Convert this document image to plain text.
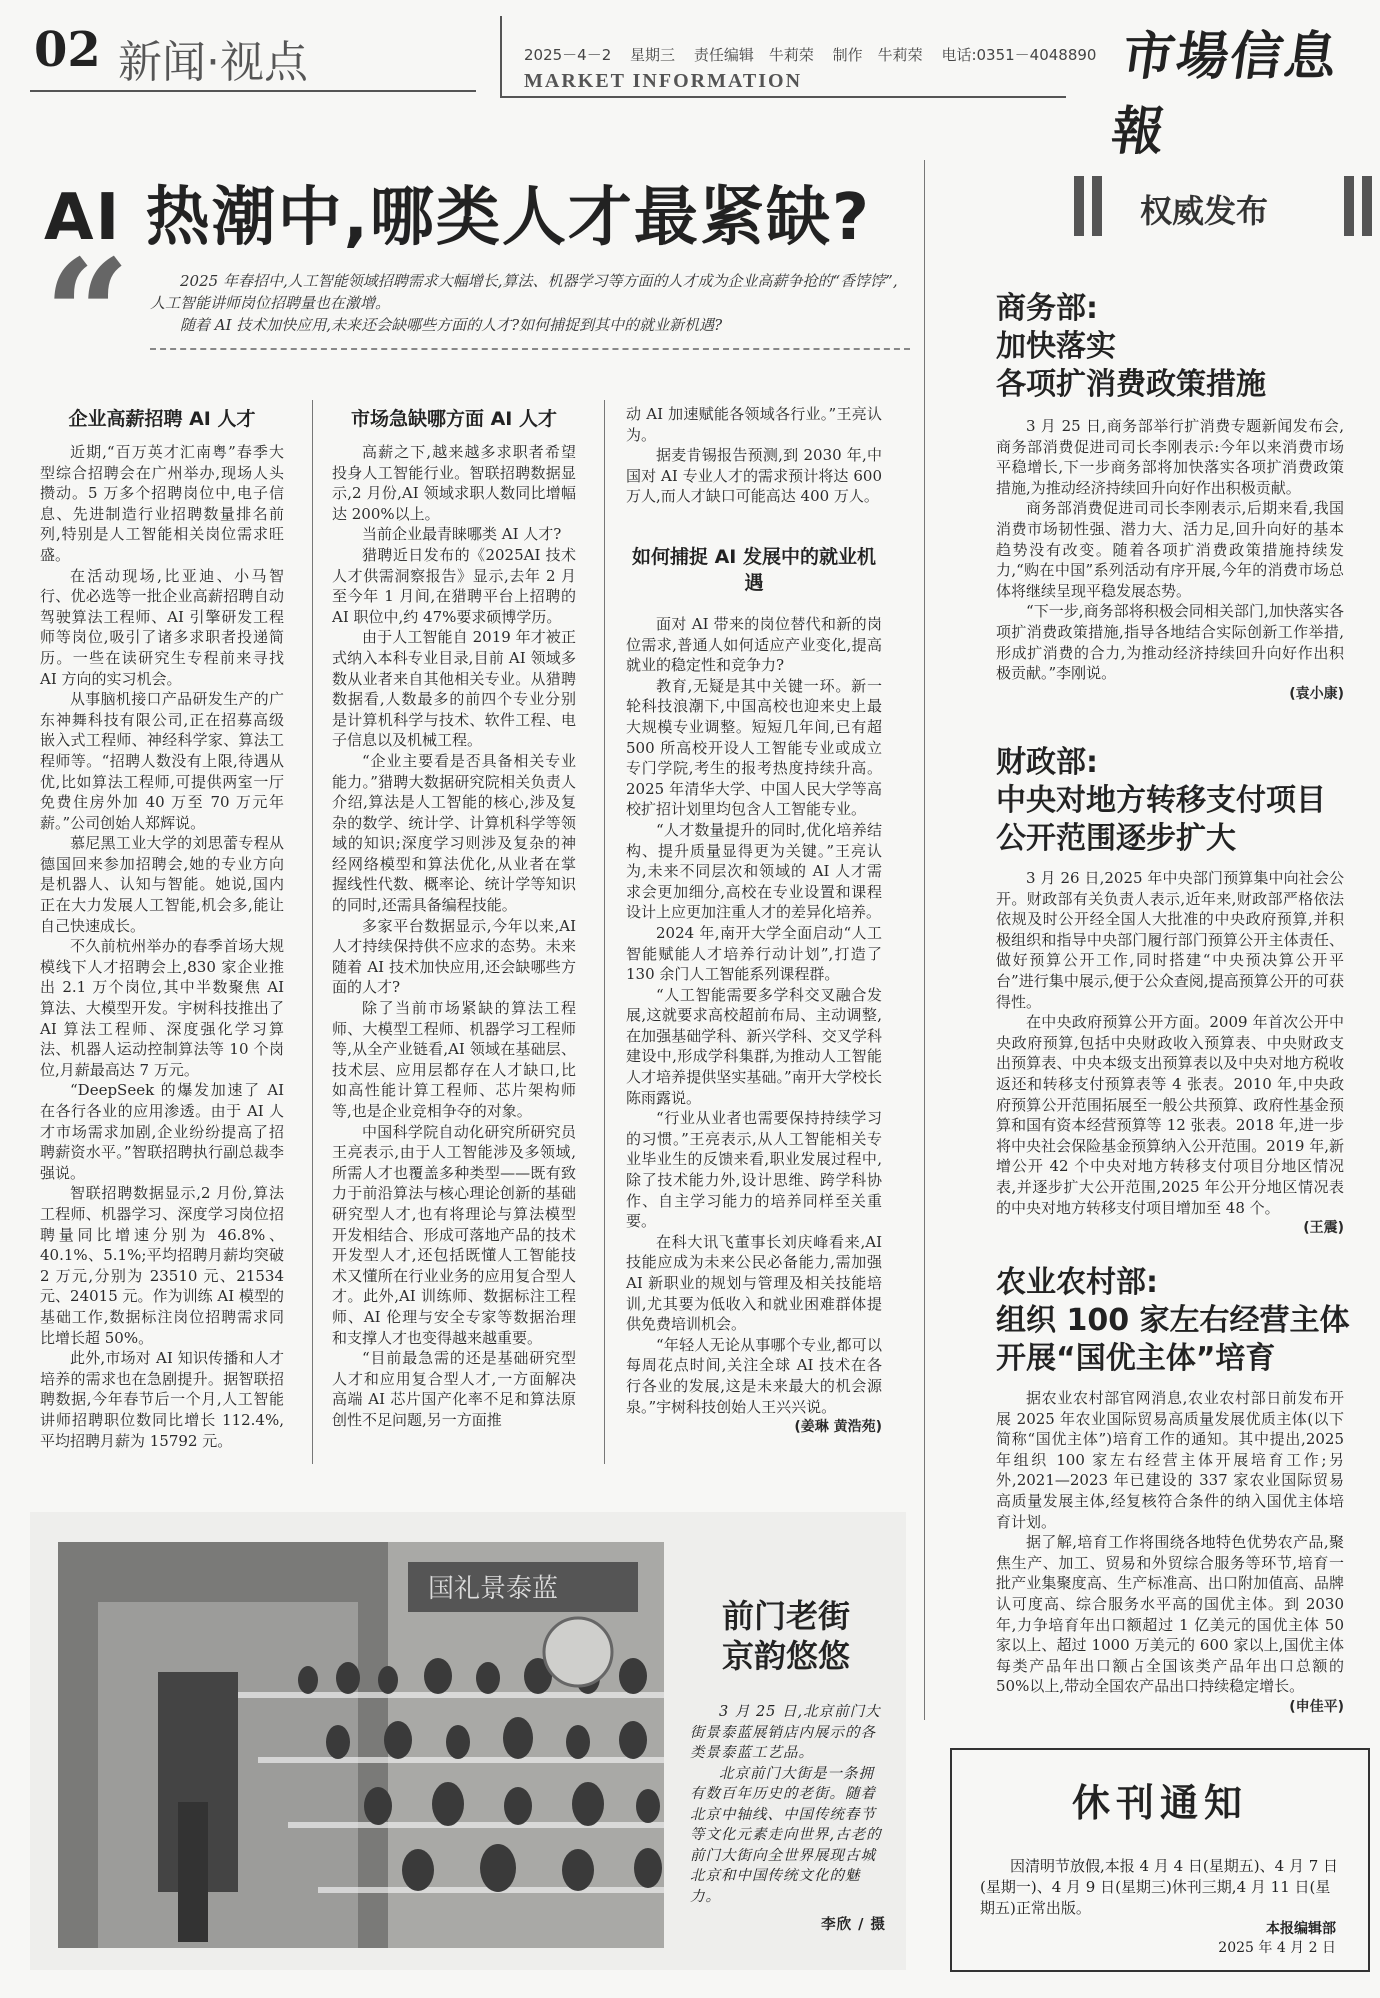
02 新闻·视点	2025－4－2 星期三 责任编辑　牛莉荣 制作　牛莉荣 电话:0351－4048890
MARKET INFORMATION	市場信息報
AI 热潮中,哪类人才最紧缺?
“	2025 年春招中,人工智能领域招聘需求大幅增长,算法、机器学习等方面的人才成为企业高薪争抢的“香饽饽”,人工智能讲师岗位招聘量也在激增。

随着 AI 技术加快应用,未来还会缺哪些方面的人才?如何捕捉到其中的就业新机遇?

企业高薪招聘 AI 人才

近期,“百万英才汇南粤”春季大型综合招聘会在广州举办,现场人头攒动。5 万多个招聘岗位中,电子信息、先进制造行业招聘数量排名前列,特别是人工智能相关岗位需求旺盛。

在活动现场,比亚迪、小马智行、优必选等一批企业高薪招聘自动驾驶算法工程师、AI 引擎研发工程师等岗位,吸引了诸多求职者投递简历。一些在读研究生专程前来寻找 AI 方向的实习机会。

从事脑机接口产品研发生产的广东神舞科技有限公司,正在招募高级嵌入式工程师、神经科学家、算法工程师等。“招聘人数没有上限,待遇从优,比如算法工程师,可提供两室一厅免费住房外加 40 万至 70 万元年薪。”公司创始人郑辉说。

慕尼黑工业大学的刘思蕾专程从德国回来参加招聘会,她的专业方向是机器人、认知与智能。她说,国内正在大力发展人工智能,机会多,能让自己快速成长。

不久前杭州举办的春季首场大规模线下人才招聘会上,830 家企业推出 2.1 万个岗位,其中半数聚焦 AI 算法、大模型开发。宇树科技推出了 AI 算法工程师、深度强化学习算法、机器人运动控制算法等 10 个岗位,月薪最高达 7 万元。

“DeepSeek 的爆发加速了 AI 在各行各业的应用渗透。由于 AI 人才市场需求加剧,企业纷纷提高了招聘薪资水平。”智联招聘执行副总裁李强说。

智联招聘数据显示,2 月份,算法工程师、机器学习、深度学习岗位招聘量同比增速分别为 46.8%、40.1%、5.1%;平均招聘月薪均突破 2 万元,分别为 23510 元、21534 元、24015 元。作为训练 AI 模型的基础工作,数据标注岗位招聘需求同比增长超 50%。

此外,市场对 AI 知识传播和人才培养的需求也在急剧提升。据智联招聘数据,今年春节后一个月,人工智能讲师招聘职位数同比增长 112.4%,平均招聘月薪为 15792 元。

市场急缺哪方面 AI 人才

高薪之下,越来越多求职者希望投身人工智能行业。智联招聘数据显示,2 月份,AI 领域求职人数同比增幅达 200%以上。

当前企业最青睐哪类 AI 人才?

猎聘近日发布的《2025AI 技术人才供需洞察报告》显示,去年 2 月至今年 1 月间,在猎聘平台上招聘的 AI 职位中,约 47%要求硕博学历。

由于人工智能自 2019 年才被正式纳入本科专业目录,目前 AI 领域多数从业者来自其他相关专业。从猎聘数据看,人数最多的前四个专业分别是计算机科学与技术、软件工程、电子信息以及机械工程。

“企业主要看是否具备相关专业能力。”猎聘大数据研究院相关负责人介绍,算法是人工智能的核心,涉及复杂的数学、统计学、计算机科学等领域的知识;深度学习则涉及复杂的神经网络模型和算法优化,从业者在掌握线性代数、概率论、统计学等知识的同时,还需具备编程技能。

多家平台数据显示,今年以来,AI 人才持续保持供不应求的态势。未来随着 AI 技术加快应用,还会缺哪些方面的人才?

除了当前市场紧缺的算法工程师、大模型工程师、机器学习工程师等,从全产业链看,AI 领域在基础层、技术层、应用层都存在人才缺口,比如高性能计算工程师、芯片架构师等,也是企业竞相争夺的对象。

中国科学院自动化研究所研究员王亮表示,由于人工智能涉及多领域,所需人才也覆盖多种类型——既有致力于前沿算法与核心理论创新的基础研究型人才,也有将理论与算法模型开发相结合、形成可落地产品的技术开发型人才,还包括既懂人工智能技术又懂所在行业业务的应用复合型人才。此外,AI 训练师、数据标注工程师、AI 伦理与安全专家等数据治理和支撑人才也变得越来越重要。

“目前最急需的还是基础研究型人才和应用复合型人才,一方面解决高端 AI 芯片国产化率不足和算法原创性不足问题,另一方面推

动 AI 加速赋能各领域各行业。”王亮认为。

据麦肯锡报告预测,到 2030 年,中国对 AI 专业人才的需求预计将达 600 万人,而人才缺口可能高达 400 万人。

如何捕捉 AI 发展中的就业机遇

面对 AI 带来的岗位替代和新的岗位需求,普通人如何适应产业变化,提高就业的稳定性和竞争力?

教育,无疑是其中关键一环。新一轮科技浪潮下,中国高校也迎来史上最大规模专业调整。短短几年间,已有超 500 所高校开设人工智能专业或成立专门学院,考生的报考热度持续升高。2025 年清华大学、中国人民大学等高校扩招计划里均包含人工智能专业。

“人才数量提升的同时,优化培养结构、提升质量显得更为关键。”王亮认为,未来不同层次和领域的 AI 人才需求会更加细分,高校在专业设置和课程设计上应更加注重人才的差异化培养。

2024 年,南开大学全面启动“人工智能赋能人才培养行动计划”,打造了 130 余门人工智能系列课程群。

“人工智能需要多学科交叉融合发展,这就要求高校超前布局、主动调整,在加强基础学科、新兴学科、交叉学科建设中,形成学科集群,为推动人工智能人才培养提供坚实基础。”南开大学校长陈雨露说。

“行业从业者也需要保持持续学习的习惯。”王亮表示,从人工智能相关专业毕业生的反馈来看,职业发展过程中,除了技术能力外,设计思维、跨学科协作、自主学习能力的培养同样至关重要。

在科大讯飞董事长刘庆峰看来,AI 技能应成为未来公民必备能力,需加强 AI 新职业的规划与管理及相关技能培训,尤其要为低收入和就业困难群体提供免费培训机会。

“年轻人无论从事哪个专业,都可以每周花点时间,关注全球 AI 技术在各行各业的发展,这是未来最大的机会源泉。”宇树科技创始人王兴兴说。

(姜琳 黄浩苑)
权威发布
商务部:
加快落实
各项扩消费政策措施

3 月 25 日,商务部举行扩消费专题新闻发布会,商务部消费促进司司长李刚表示:今年以来消费市场平稳增长,下一步商务部将加快落实各项扩消费政策措施,为推动经济持续回升向好作出积极贡献。

商务部消费促进司司长李刚表示,后期来看,我国消费市场韧性强、潜力大、活力足,回升向好的基本趋势没有改变。随着各项扩消费政策措施持续发力,“购在中国”系列活动有序开展,今年的消费市场总体将继续呈现平稳发展态势。

“下一步,商务部将积极会同相关部门,加快落实各项扩消费政策措施,指导各地结合实际创新工作举措,形成扩消费的合力,为推动经济持续回升向好作出积极贡献。”李刚说。

(袁小康)
财政部:
中央对地方转移支付项目
公开范围逐步扩大

3 月 26 日,2025 年中央部门预算集中向社会公开。财政部有关负责人表示,近年来,财政部严格依法依规及时公开经全国人大批准的中央政府预算,并积极组织和指导中央部门履行部门预算公开主体责任、做好预算公开工作,同时搭建“中央预决算公开平台”进行集中展示,便于公众查阅,提高预算公开的可获得性。

在中央政府预算公开方面。2009 年首次公开中央政府预算,包括中央财政收入预算表、中央财政支出预算表、中央本级支出预算表以及中央对地方税收返还和转移支付预算表等 4 张表。2010 年,中央政府预算公开范围拓展至一般公共预算、政府性基金预算和国有资本经营预算等 12 张表。2018 年,进一步将中央社会保险基金预算纳入公开范围。2019 年,新增公开 42 个中央对地方转移支付项目分地区情况表,并逐步扩大公开范围,2025 年公开分地区情况表的中央对地方转移支付项目增加至 48 个。

(王震)
农业农村部:
组织 100 家左右经营主体
开展“国优主体”培育

据农业农村部官网消息,农业农村部日前发布开展 2025 年农业国际贸易高质量发展优质主体(以下简称“国优主体”)培育工作的通知。其中提出,2025 年组织 100 家左右经营主体开展培育工作;另外,2021—2023 年已建设的 337 家农业国际贸易高质量发展主体,经复核符合条件的纳入国优主体培育计划。

据了解,培育工作将围绕各地特色优势农产品,聚焦生产、加工、贸易和外贸综合服务等环节,培育一批产业集聚度高、生产标准高、出口附加值高、品牌认可度高、综合服务水平高的国优主体。到 2030 年,力争培育年出口额超过 1 亿美元的国优主体 50 家以上、超过 1000 万美元的 600 家以上,国优主体每类产品年出口额占全国该类产品年出口总额的 50%以上,带动全国农产品出口持续稳定增长。

(申佳平)
国礼景泰蓝
前门老街
京韵悠悠

3 月 25 日,北京前门大街景泰蓝展销店内展示的各类景泰蓝工艺品。

北京前门大街是一条拥有数百年历史的老街。随着北京中轴线、中国传统春节等文化元素走向世界,古老的前门大街向全世界展现古城北京和中国传统文化的魅力。

李欣 / 摄
休刊通知

因清明节放假,本报 4 月 4 日(星期五)、4 月 7 日(星期一)、4 月 9 日(星期三)休刊三期,4 月 11 日(星期五)正常出版。

本报编辑部
2025 年 4 月 2 日
